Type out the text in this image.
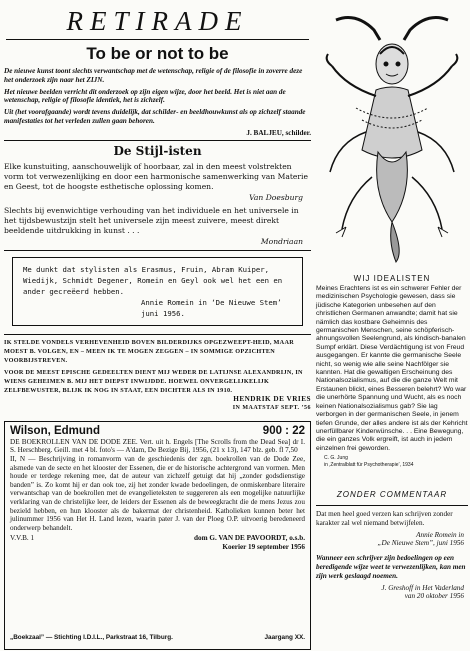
RETIRADE
To be or not to be

De nieuwe kunst toont slechts verwantschap met de wetenschap, religie of de filosofie in zoverre deze het onderzoek zijn naar het ZIJN.

Het nieuwe beelden verricht dit onderzoek op zijn eigen wijze, door het beeld. Het is niet aan de wetenschap, religie of filosofie identiek, het is zichzelf.

Uit (het voorafgaande) wordt tevens duidelijk, dat schilder- en beeldhouwkunst als op zichzelf staande manifestaties tot het verleden zullen gaan behoren.

J. BALJEU, schilder.
De Stijl-isten

Elke kunstuiting, aanschouwelijk of hoorbaar, zal in den meest volstrekten vorm tot verwezenlijking en door een harmonische samenwerking van Materie en Geest, tot de hoogste esthetische oplossing komen.

Van Doesburg

Slechts bij evenwichtige verhouding van het individuele en het universele in het tijdsbewustzijn stelt het universele zijn meest zuivere, meest direkt beeldende uitdrukking in kunst . . .

Mondriaan
Me dunkt dat stylisten als Erasmus, Fruin, Abram Kuiper, Wiedijk, Schmidt Degener, Romein en Geyl ook wel het een en ander gecreëerd hebben.
Annie Romein in ‘De Nieuwe Stem’
juni 1956.

IK STELDE VONDELS VERHEVENHEID BOVEN BILDERDIJKS OPGEZWEEPT-HEID, MAAR MOEST B. VOLGEN, EN – MEEN IK TE MOGEN ZEGGEN – IN SOMMIGE OPZICHTEN VOORBIJSTREVEN.

VOOR DE MEEST EPISCHE GEDEELTEN DIENT MIJ WEDER DE LATIJNSE ALEXANDRIJN, IN WIENS GEHEIMEN B. MIJ HET DIEPST INWIJDDE. HOEWEL ONVERGELIJKELIJK ZELFBEWUSTER, BLIJK IK NOG IN STAAT, EEN DICHTER ALS IN 1910.

HENDRIK DE VRIES
IN MAATSTAF SEPT. ’56
Wilson, Edmund	900 : 22

DE BOEKROLLEN VAN DE DODE ZEE. Vert. uit h. Engels [The Scrolls from the Dead Sea] dr I. S. Herschberg. Geill. met 4 bl. foto's — A'dam, De Bezige Bij, 1956, (21 x 13), 147 blz. geb. fl 7,50

II, N — Beschrijving in romanvorm van de geschiedenis der zgn. boekrollen van de Dode Zee, alsmede van de secte en het klooster der Essenen, die er de historische achtergrond van vormen. Men houde er terdege rekening mee, dat de auteur van zichzelf getuigt dat hij „zonder godsdienstige banden” is. Zo komt hij er dan ook toe, zij het zonder kwade bedoelingen, de onmiskenbare literaire verwantschap van de boekrollen met de evangelieteksten te suggereren als een mogelijke natuurlijke verklaring van de christelijke leer, de leiders der Essenen als de beweegkracht die de mens Jezus zou bezield hebben, en hun klooster als de bakermat der christenheid. Katholieken kunnen beter het julinummer 1956 van Het H. Land lezen, waarin pater J. van der Ploeg O.P. uitvoerig beredeneerd onderwerp behandelt.

V.V.B. 1	dom G. VAN DE PAVOORDT, o.s.b.
Koerier 19 september 1956
„Boekzaal” — Stichting I.D.I.L., Parkstraat 16, Tilburg.	Jaargang XX.
WIJ IDEALISTEN

Meines Erachtens ist es ein schwerer Fehler der medizinischen Psychologie gewesen, dass sie jüdische Kategorien unbesehen auf den christlichen Germanen anwandte; damit hat sie nämlich das kostbare Geheimnis des germanischen Menschen, seine schöpferisch-ahnungsvollen Seelengrund, als kindisch-banalen Sumpf erklärt. Diese Verdächtigung ist von Freud ausgegangen. Er kannte die germanische Seele nicht, so wenig wie alle seine Nachfölger sie kannten. Hat die gewaltigen Erscheinung des Nationalsozialismus, auf die die ganze Welt mit Erstaunen blickt, eines Besseren belehrt? Wo war die unerhörte Spannung und Wucht, als es noch keinen Nationalsozialismus gab? Sie lag verborgen in der germanischen Seele, in jenem tiefen Grunde, der alles andere ist als der Kehricht unerfüllbarer Kinderwünsche. . . Eine Bewegung, die ein ganzes Volk ergreift, ist auch in jedem einzelnen frei geworden.

C. G. Jung
in ‚Zentralblatt für Psychotherapie’, 1934
ZONDER COMMENTAAR

Dat men heel goed verzen kan schrijven zonder karakter zal wel niemand betwijfelen.

Annie Romein in
„De Nieuwe Stem”, juni 1956

Wanneer een schrijver zijn bedoelingen op een beredigende wijze weet te verwezenlijken, kan men zijn werk geslaagd noemen.

J. Greshoff in Het Vaderland
van 20 oktober 1956
